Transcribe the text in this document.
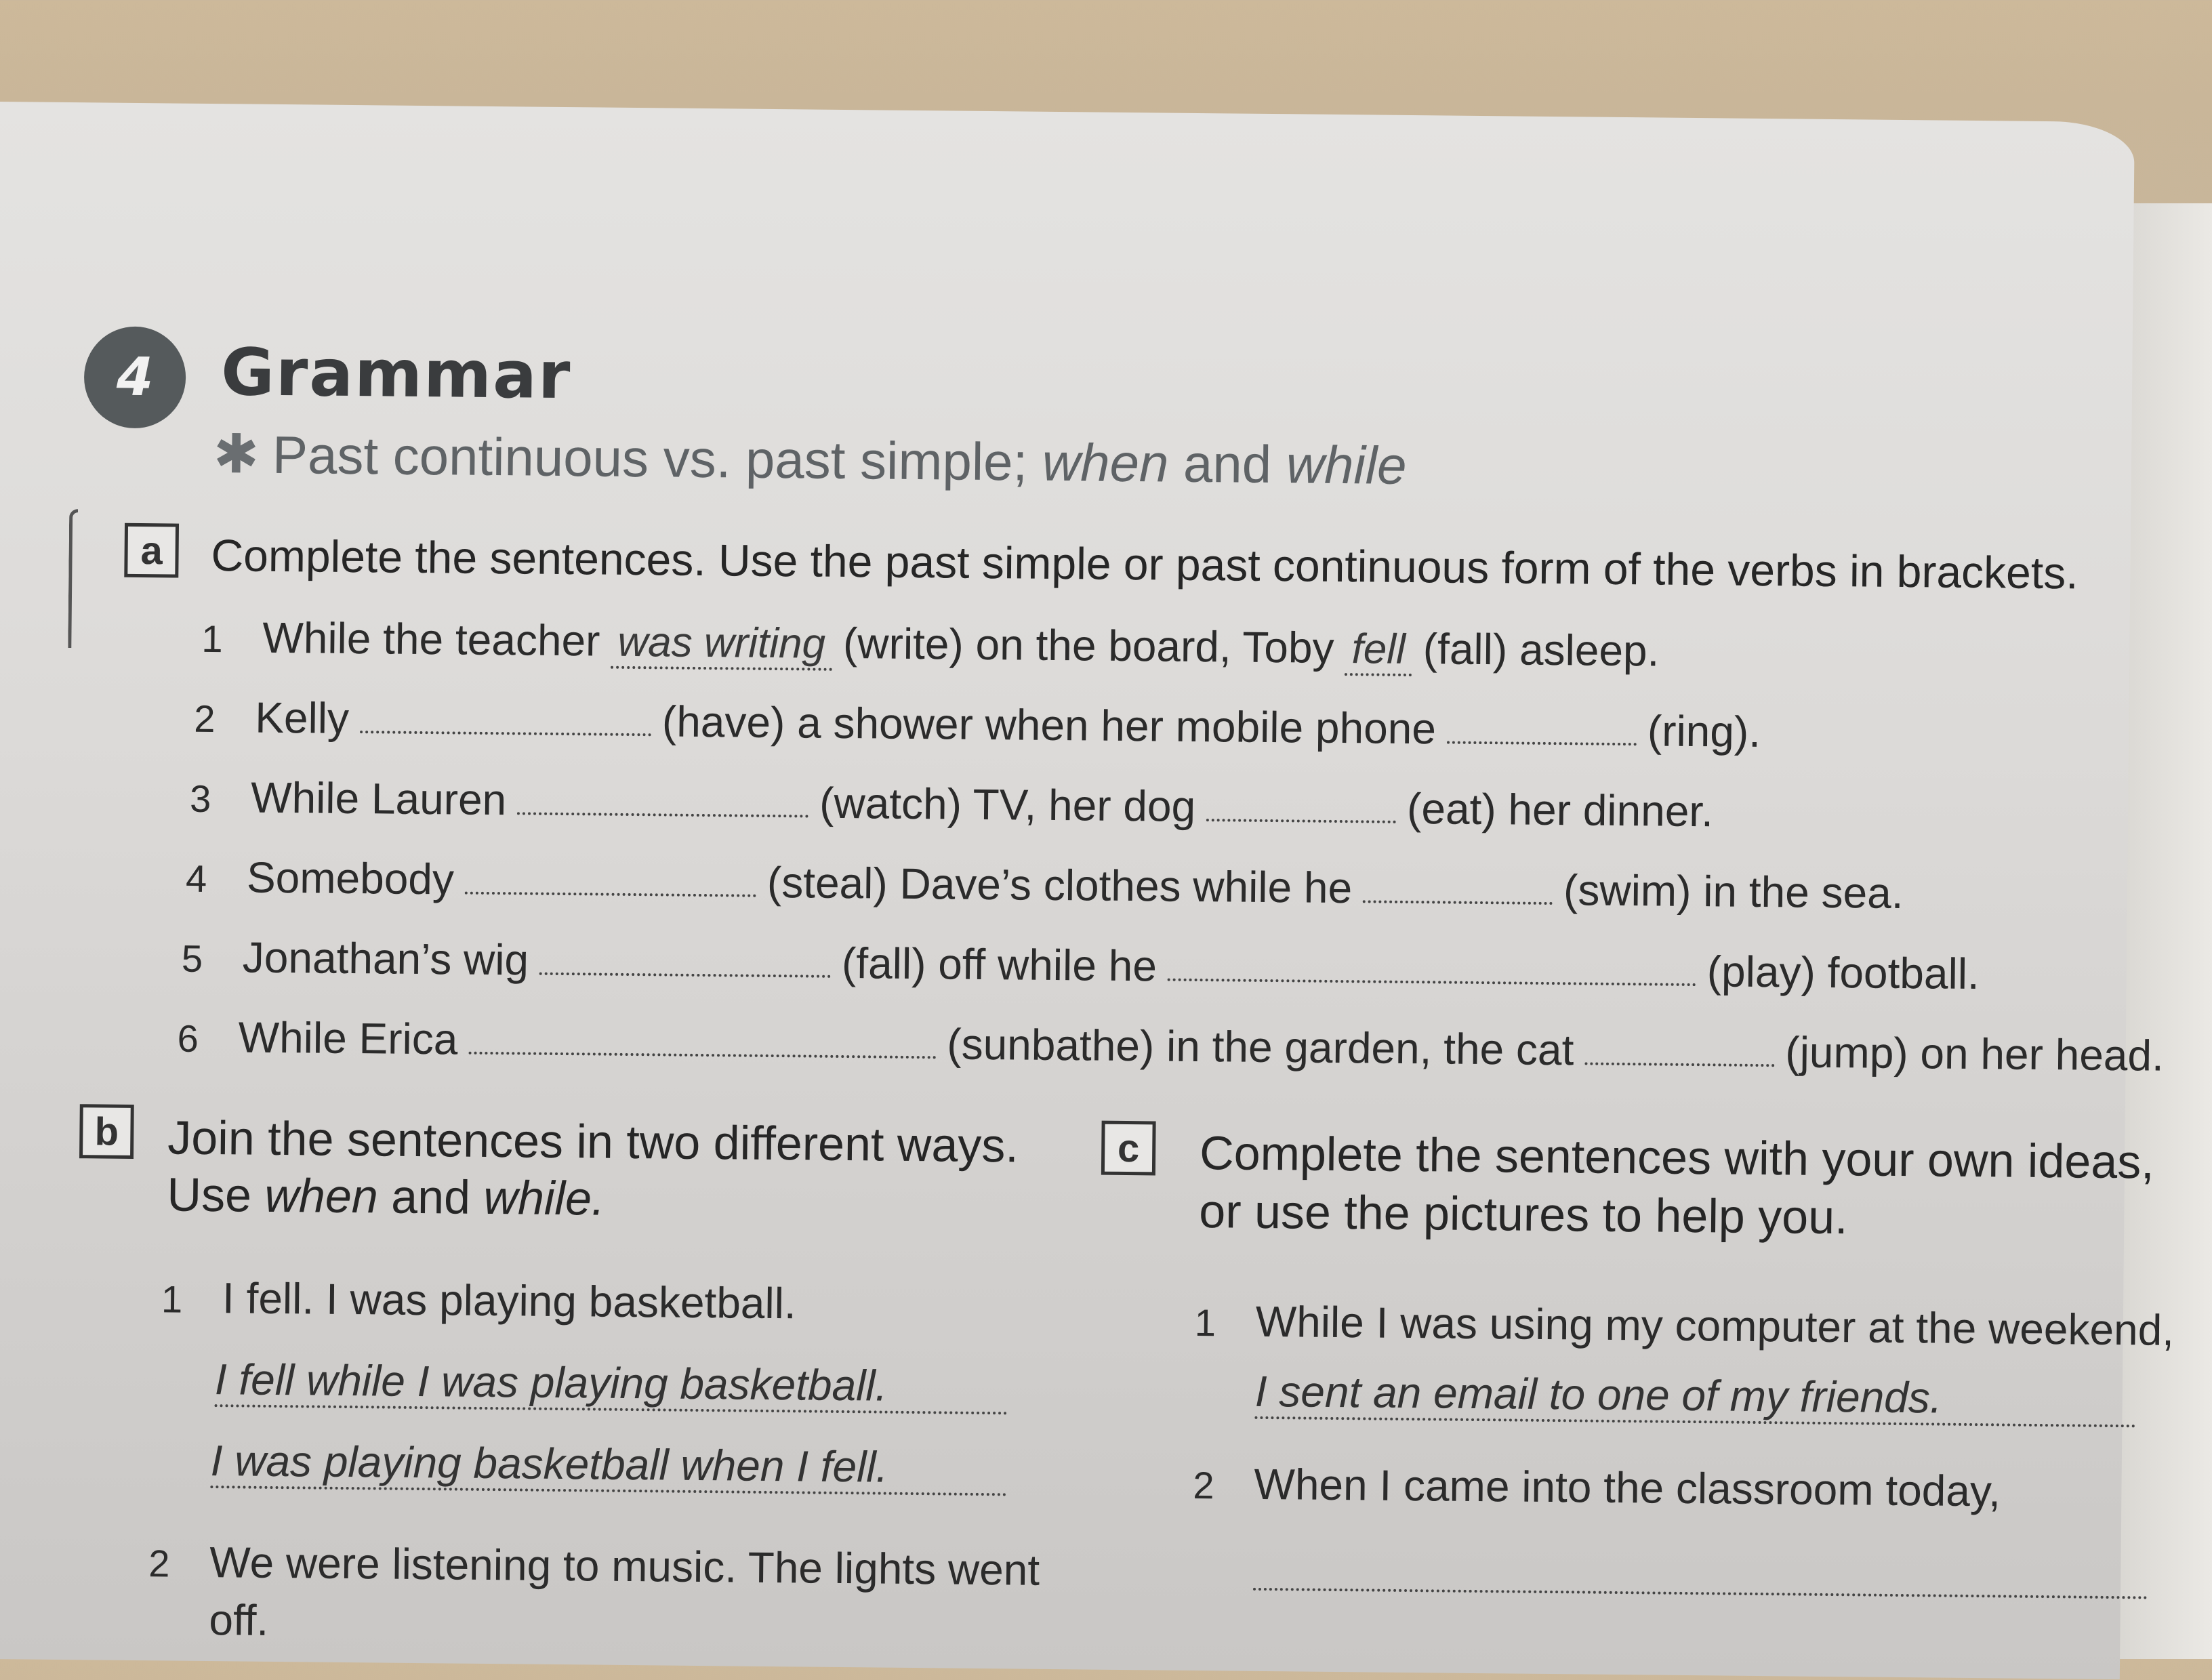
4 Grammar
✱ Past continuous vs. past simple; when and while
a	Complete the sentences. Use the past simple or past continuous form of the verbs in brackets.
1 While the teacher was writing (write) on the board, Toby fell (fall) asleep.
2 Kelly	(have) a shower when her mobile phone	(ring).
3 While Lauren	(watch) TV, her dog	(eat) her dinner.
4 Somebody	(steal) Dave’s clothes while he	(swim) in the sea.
5 Jonathan’s wig	(fall) off while he	(play) football.
6 While Erica	(sunbathe) in the garden, the cat	(jump) on her head.
b	Join the sentences in two different ways.
Use when and while.
1 I fell. I was playing basketball.
I fell while I was playing basketball.
I was playing basketball when I fell.
2 We were listening to music. The lights went
off.
c	Complete the sentences with your own ideas,
or use the pictures to help you.
1 While I was using my computer at the weekend,
I sent an email to one of my friends.
2 When I came into the classroom today,
